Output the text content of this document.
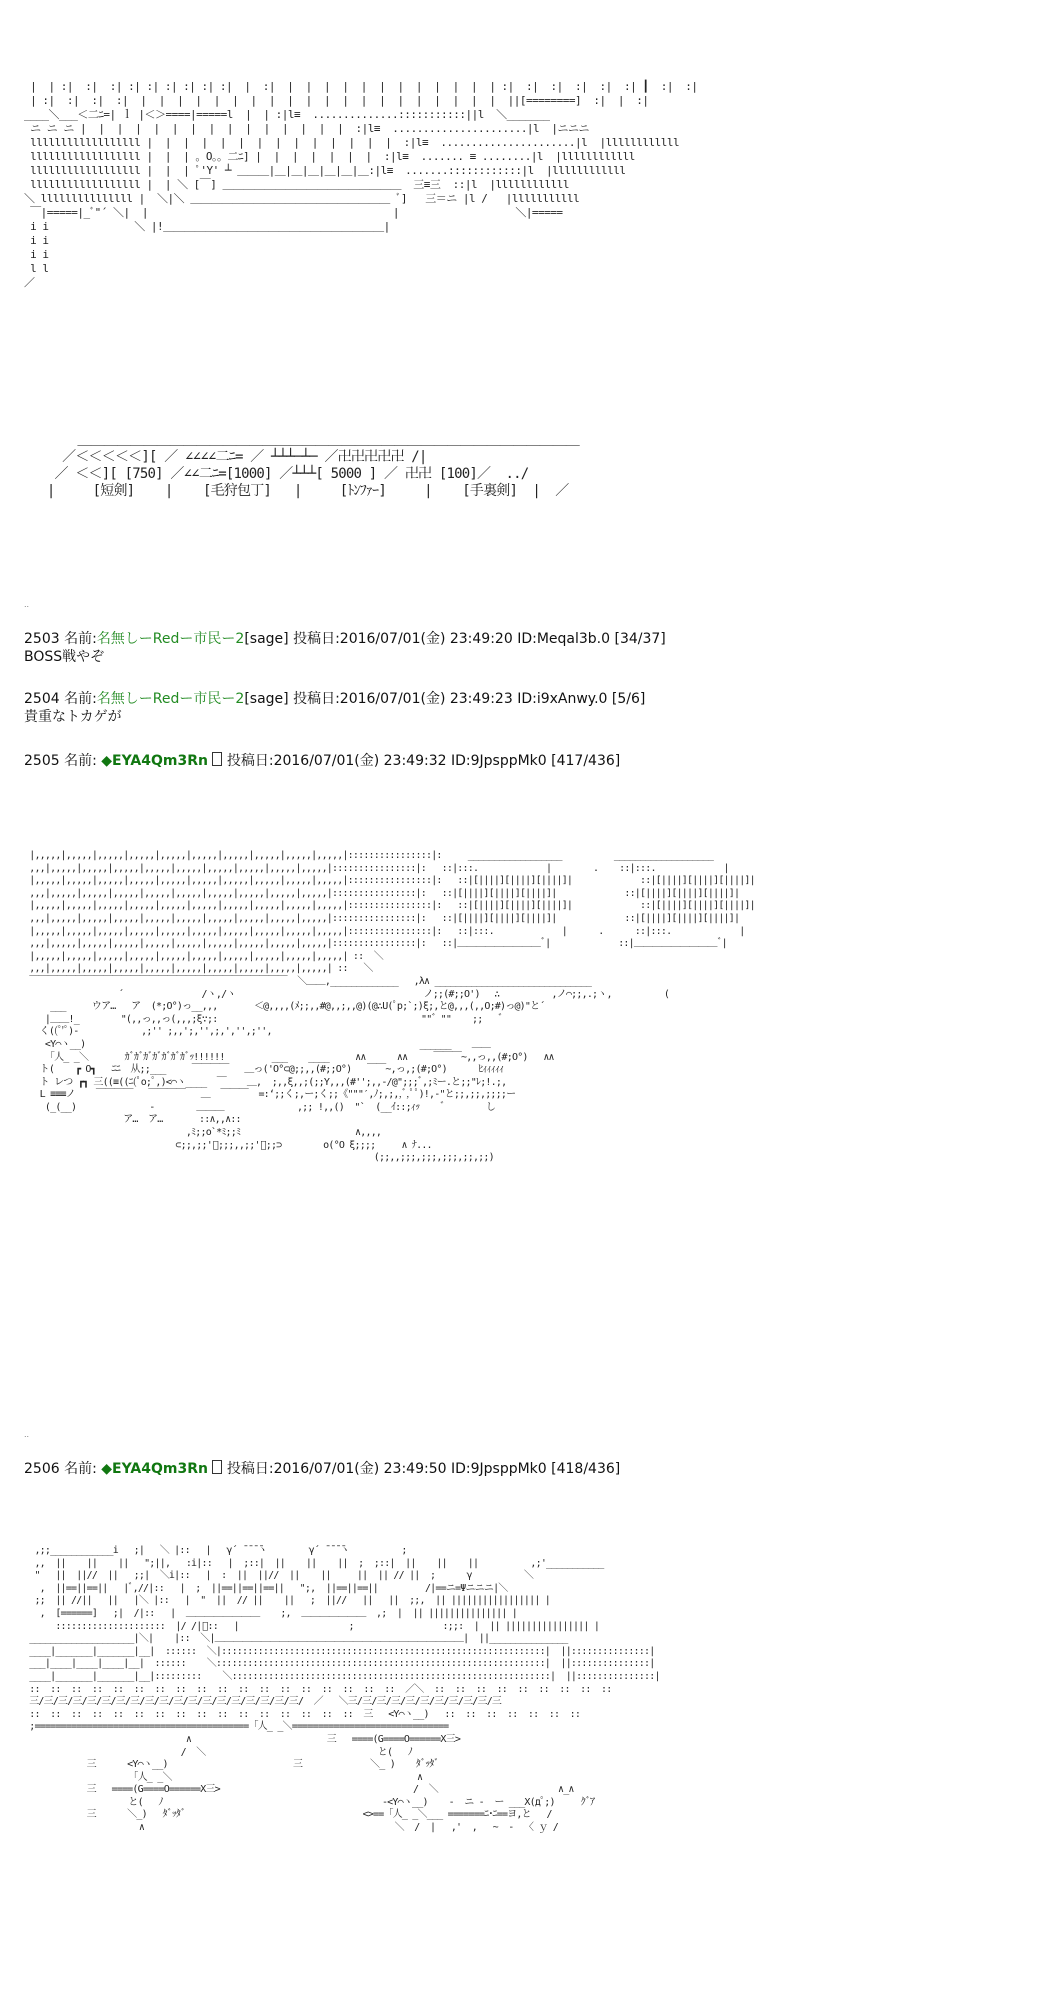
|  | :|  :|  :| :| :| :| :| :| :|  |  :|  |  |  |  |  |  |  |  |  |  |  |  | :|  :|  :|  :|  :|  :| ┃  :|  :|
| :|  :|  :|  :|  |  |  |  |  |  |  |  |  |  |  |  |  |  |  |  |  |  |  |  |  ||[========]  :|  |  :|
____＼___＜二ﾆ=| ｌ |＜＞====|=====l  |  | :|l≡  ..............:::::::::::||l  ＼_______
ニ ニ ニ |  |  |  |  |  |  |  |  |  |  |  |  |  |  |  :|l≡  ......................|l  |ニニニ
llllllllllllllllll |  |  |  |  |  |  |  |  |  |  |  |  |  |  :|l≡  ......................|l  |llllllllllll
llllllllllllllllll |  |  | 。O。。二ﾆ] |  |  |  |  |  |  |  :|l≡  ....... ≡ ........|l  |llllllllllll
llllllllllllllllll |  |  | ﾟ'Y' ┴ ＿＿＿|＿|＿|＿|＿|＿|＿:|l≡  .......::::::::::::|l  |llllllllllll
llllllllllllllllll |  | ＼ [￣] ＿＿＿＿＿＿＿＿＿＿＿＿＿＿＿＿＿  三≡三  ::|l  |llllllllllll
＼ lllllllllllllll |  ＼|＼ ＿＿＿＿＿＿＿＿＿＿＿＿＿＿＿＿＿＿＿ ﾞ]   三＝ニ |l /   |lllllllllll
￣|=====|_ﾞ"´ ＼|  |                                        |                   ＼|=====
i i              ＼ |!＿＿＿＿＿＿＿＿＿＿＿＿＿＿＿＿＿＿＿＿＿|
i i
i i
l l
／
＿＿＿＿＿＿＿＿＿＿＿＿＿＿＿＿＿＿＿＿＿＿＿＿＿＿＿＿＿＿＿＿＿＿＿＿＿＿
／＜＜＜＜＜][ ／ ∠∠∠∠二ﾆ= ／ ┴┴┴─┴─ ／卍卍卍卍卍 /|
／ ＜＜][ [750] ／∠∠二ﾆ=[1000] ／┴┴┴[ 5000 ] ／ 卍卍 [100]／  ../
|     [短剣]    |    [毛狩包丁]   |     [ﾄﾝﾌｧｰ]     |    [手裏剣]  |  ／
..
2503 名前:名無しーRedー市民ー2[sage] 投稿日:2016/07/01(金) 23:49:20 ID:Meqal3b.0 [34/37]
BOSS戦やぞ
2504 名前:名無しーRedー市民ー2[sage] 投稿日:2016/07/01(金) 23:49:23 ID:i9xAnwy.0 [5/6]
貴重なトカゲが
2505 名前: ◆EYA4Qm3Rn 投稿日:2016/07/01(金) 23:49:32 ID:9JpsppMk0 [417/436]
|,,,,,|,,,,,|,,,,,|,,,,,|,,,,,|,,,,,|,,,,,|,,,,,|,,,,,|,,,,,|::::::::::::::::|:     __________________          ___________________
,,,|,,,,,|,,,,,|,,,,,|,,,,,|,,,,,|,,,,,|,,,,,|,,,,,|,,,,,|::::::::::::::::|:   ::|:::.             |        .    ::|:::.             |
|,,,,,|,,,,,|,,,,,|,,,,,|,,,,,|,,,,,|,,,,,|,,,,,|,,,,,|,,,,,|::::::::::::::::|:   ::|[||||][||||][||||]|             ::|[||||][||||][||||]|
,,,|,,,,,|,,,,,|,,,,,|,,,,,|,,,,,|,,,,,|,,,,,|,,,,,|,,,,,|::::::::::::::::|:   ::|[||||][||||][||||]|             ::|[||||][||||][||||]|
|,,,,,|,,,,,|,,,,,|,,,,,|,,,,,|,,,,,|,,,,,|,,,,,|,,,,,|,,,,,|::::::::::::::::|:   ::|[||||][||||][||||]|             ::|[||||][||||][||||]|
,,,|,,,,,|,,,,,|,,,,,|,,,,,|,,,,,|,,,,,|,,,,,|,,,,,|,,,,,|::::::::::::::::|:   ::|[||||][||||][||||]|             ::|[||||][||||][||||]|
|,,,,,|,,,,,|,,,,,|,,,,,|,,,,,|,,,,,|,,,,,|,,,,,|,,,,,|,,,,,|::::::::::::::::|:   ::|:::.             |      .      ::|:::.             |
,,,|,,,,,|,,,,,|,,,,,|,,,,,|,,,,,|,,,,,|,,,,,|,,,,,|,,,,,|::::::::::::::::|:   ::|＿＿＿＿＿＿＿＿＿ﾞ|             ::|＿＿＿＿＿＿＿＿＿ﾞ|
|,,,,,|,,,,,|,,,,,|,,,,,|,,,,,|,,,,,|,,,,,|,,,,,|,,,,,|,,,,,| ::  ＼
,,,|,,,,,|,,,,,|,,,,,|,,,,,|,,,,,|,,,,,|,,,,,|,,,,,|,,,,,| ::   ＼
￣￣￣￣￣￣￣￣￣￣￣￣￣￣￣￣￣￣￣￣￣￣￣￣￣￣￣￣  ＼＿＿,_____________   ,λ∧ ______________________________
´               /ヽ,/ヽ                                    ノ;;(#;;O')　 ∴          ,ノ⌒;;,.;ヽ,          (
___     ウア…   ア  (*;O°)っ__,,,       ＜@,,,,(ﾒ;;,,#@,,;,,@)(@∴U(ﾟp;`;)ξ;,と@,,,(,,O;#)っ@)"と´
|＿＿!_        "(,,っ,,っ(,,,;ξ∵;:                                       ""゛""    ;;   ゛
く((ﾟ'ﾟ)-            ,;'' ;,,';,'',;,','',;'',
<Y⌒ヽ__)                                                                ______    ＿＿
「人_ _＼       ｶﾞｶﾞｶﾞｶﾞｶﾞｶﾞｶﾞｯ!!!!!!         ___    ____     ∧∧      ∧∧     ￣￣￣~,,っ,,(#;O°)   ∧∧
ト(    ┏ O┓   ﾆﾆ  从;;___     ￣￣￣￣   ＿っ('O°⊂@;;,,(#;;O°)   ￣￣~,っ,;(#;O°)      ﾋｨｨｨｨｨ
ト レつ ┏┓ 三((≡((ﾆ(ﾟo;ﾟ,)<⌒ヽ____  ￣    ＿,  ;,,ξ,,;(;;Y,,,(#'';,,-/@";;;ﾞ,;ﾐー.と;;"ﾚ;!.;,
L ≡≡≡ノ    ￣￣￣￣   ￣￣￣￣   ＿  ￣￣￣  =:‘;;く;,ー;く;;《"""′,ﾉ;,;,,ﾞ,ﾟﾟ)!,-"と;;,;;,;;;;ー
(_(__)              -        ＿＿＿              ,;; !,,()  "`  (__ｲ::;ｨｯ    ゛       し
ア…  ア…       ::∧,,∧::
,ﾐ;;o`*ﾐ;;ﾐ                      ∧,,,,
⊂;;,;;'ﾞ;;;,,;;'ﾞ;;⊃        o(°O ξ;;;;     ∧ ﾅ...
(;;,,;;;,;;;,;;;,;;,;;)
..
2506 名前: ◆EYA4Qm3Rn 投稿日:2016/07/01(金) 23:49:50 ID:9JpsppMk0 [418/436]
,;;____________i   ;|   ＼ |::   |   γ´ ̄ ̄ ̄ ̄ヽ        γ´ ̄ ̄ ̄ ̄ヽ          ;
,,  ||    ||    ||   ";||,   :i|::   |  ;::|  ||    ||    ||  ;  ;::|  ||    ||    ||          ,;'___________
"   ||  ||//  ||   ;;|  ＼i|::   |  :  ||  ||//  ||    ||     ||  || // ||  ;      γ          ＼
,  ||==||==||   |ﾞ,//|::   |  ;  ||==||==||==||   ";,  ||==||==||         /|==ニ=Ψニニニ|＼
;;  || //||   ||   |＼ |::   |  "  ||  // ||    ||   ;  ||//   ||   ||  ;;,  || ||||||||||||||||| |
,  [======]   ;|  /|::   |  ＿＿＿＿＿＿＿＿    ;,  ＿＿＿＿＿＿＿  ,;  |  || ||||||||||||||| |
:::::::::::::::::::::  |/ /|ﾞ::   |                     ;                 :;;:  |  || |||||||||||||||| |
____________________|＼|    |::  ＼|＿＿＿＿＿＿＿＿＿＿＿＿＿＿＿＿＿＿＿＿＿＿＿＿＿＿＿|  ||_______________
____|_______|_______|__|  ::::::  ＼|::::::::::::::::::::::::::::::::::::::::::::::::::::::::::::::|  ||:::::::::::::::|
___|____|____|____|__|  ::::::    ＼:::::::::::::::::::::::::::::::::::::::::::::::::::::::::::::::|  ||:::::::::::::::|
____|_______|_______|__|:::::::::    ＼:::::::::::::::::::::::::::::::::::::::::::::::::::::::::::::|  ||:::::::::::::::|
::  ::  ::  ::  ::  ::  ::  ::  ::  ::  ::  ::  ::  ::  ::  ::  ::  ::  ／＼  ::  ::  ::  ::  ::  ::  ::  ::  ::
三/三/三/三/三/三/三/三/三/三/三/三/三/三/三/三/三/三/三/  ／   ＼三/三/三/三/三/三/三/三/三/三/三
::  ::  ::  ::  ::  ::  ::  ::  ::  ::  ::  ::  ::  ::  ::  ::  三   <Y⌒ヽ__)   ::  ::  ::  ::  ::  ::  ::
;=========================================「人_ _＼==============================
∧                          三   ====(G====O======X三>
/  ＼                                 と(   ﾉ
三      <Y⌒ヽ__)                        三             ＼_ )    ﾀﾞｯﾀﾞ
「人_ _＼                                               ∧
三   ====(G====O======X三>                                     /  ＼                       ∧_∧
と(   ﾉ                                          -<Y⌒ヽ__)    -  ニ -  ー ___X(дﾟ;)     ｸﾞｱ
三      ＼_)   ﾀﾞｯﾀﾞ                                  <>==「人_ _＼___ =======ﾆ･ﾆ==ヨ,と   /
∧                                                ＼  /  |   ,'  ,   ~  -  〈 ｙ /
